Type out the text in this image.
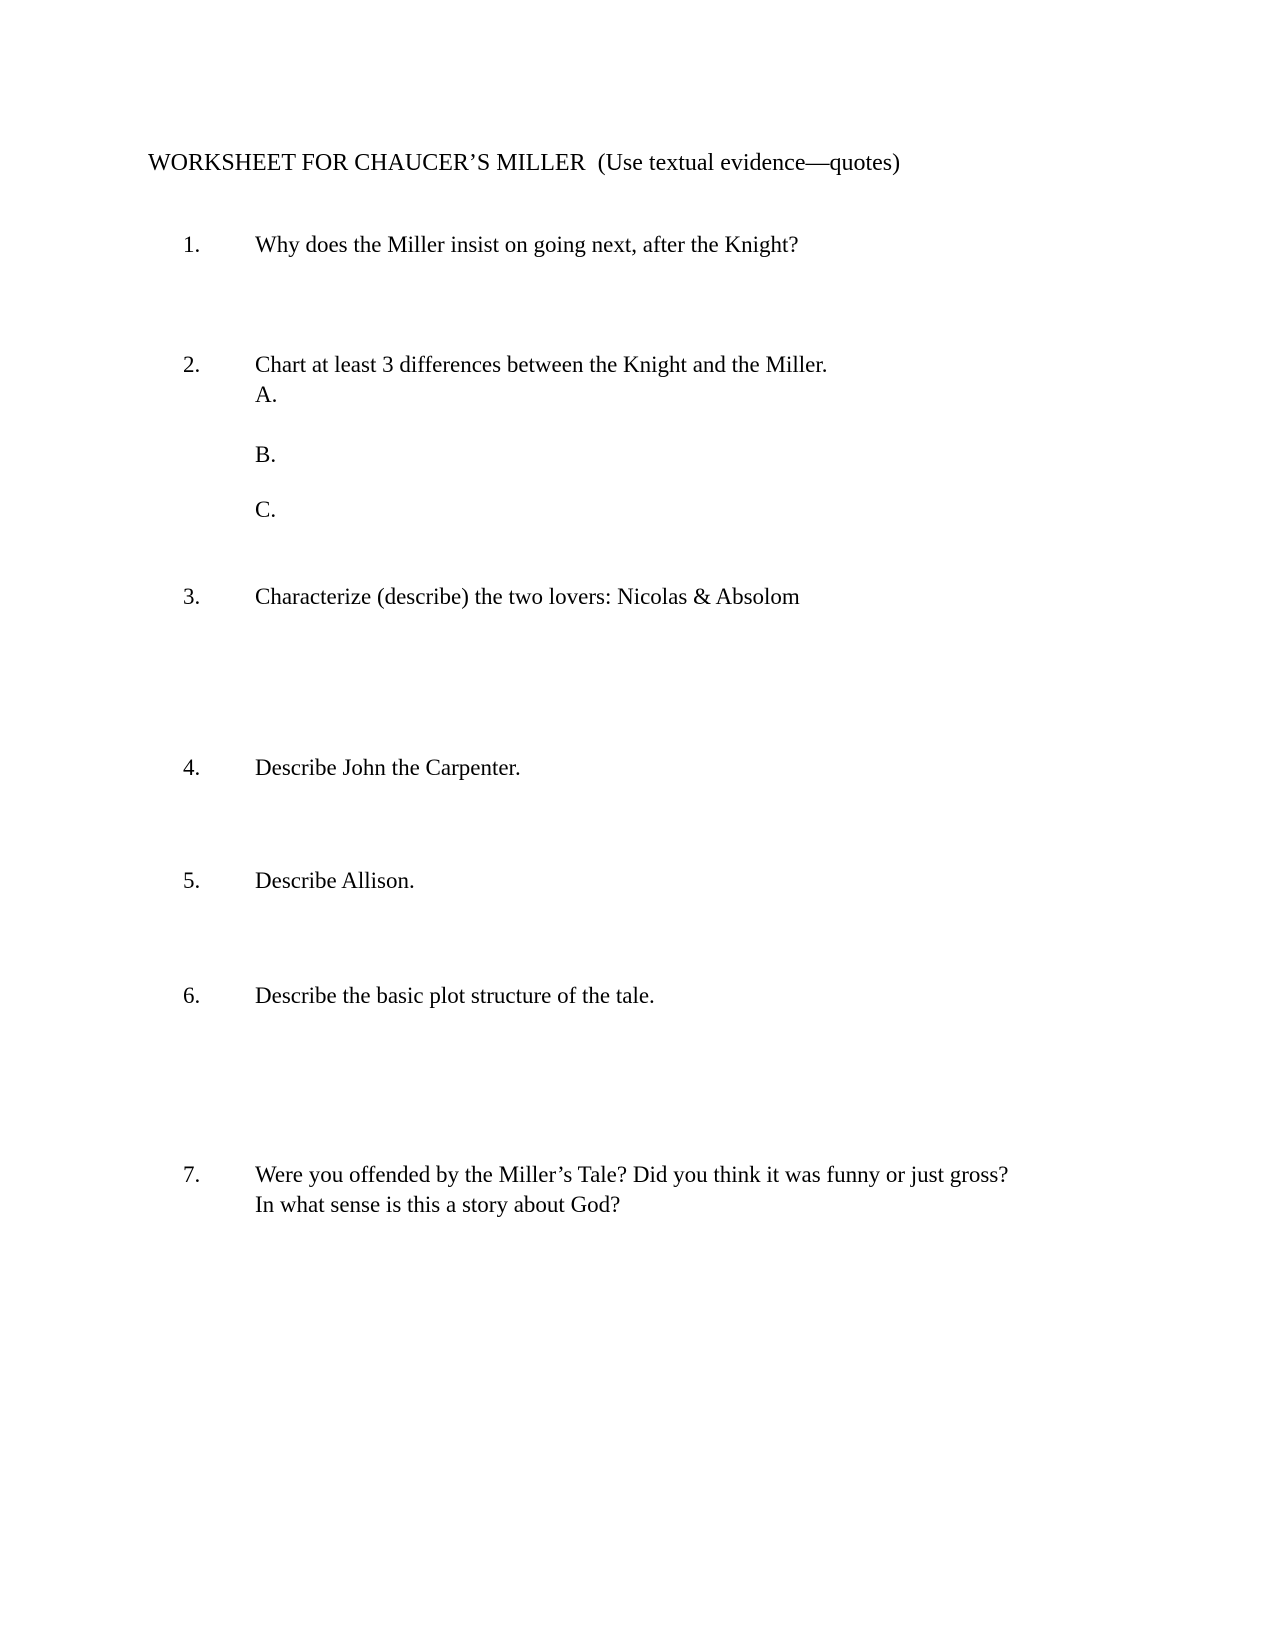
WORKSHEET FOR CHAUCER’S MILLER  (Use textual evidence—quotes)
1.	Why does the Miller insist on going next, after the Knight?
2.	Chart at least 3 differences between the Knight and the Miller.
A.
B.
C.
3.	Characterize (describe) the two lovers: Nicolas & Absolom
4.	Describe John the Carpenter.
5.	Describe Allison.
6.	Describe the basic plot structure of the tale.
7.	Were you offended by the Miller’s Tale? Did you think it was funny or just gross?
In what sense is this a story about God?
